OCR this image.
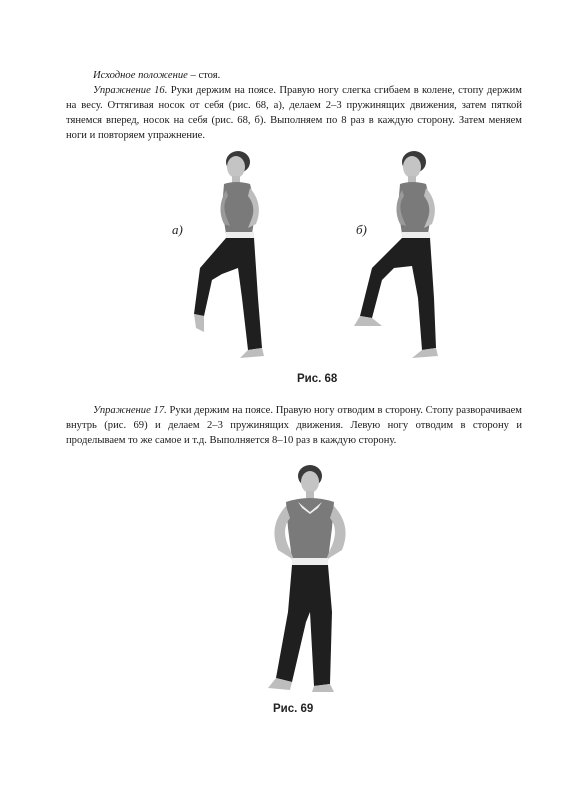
Исходное положение – стоя.

Упражнение 16. Руки держим на поясе. Правую ногу слегка сгибаем в колене, стопу держим на весу. Оттягивая носок от себя (рис. 68, а), делаем 2–3 пружинящих движения, затем пяткой тянемся вперед, носок на себя (рис. 68, б). Выполняем по 8 раз в каждую сторону. Затем меняем ноги и повторяем упражнение.

а)	б)
Рис. 68

Упражнение 17. Руки держим на поясе. Правую ногу отводим в сторону. Стопу разворачиваем внутрь (рис. 69) и делаем 2–3 пружинящих движения. Левую ногу отводим в сторону и проделываем то же самое и т.д. Выполняется 8–10 раз в каждую сторону.

Рис. 69
